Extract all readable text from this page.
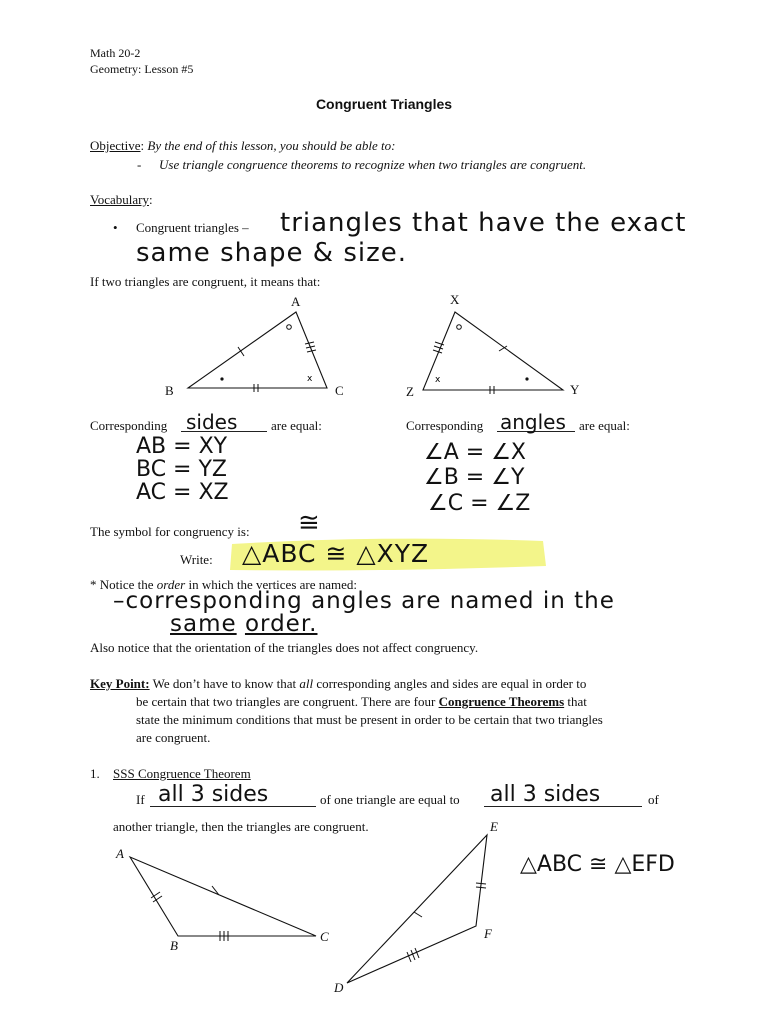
Math 20-2
Geometry: Lesson #5
Congruent Triangles
Objective: By the end of this lesson, you should be able to:
- Use triangle congruence theorems to recognize when two triangles are congruent.
Vocabulary:
• Congruent triangles – triangles that have the exact
same shape & size.
If two triangles are congruent, it means that:
x	x
A
B	C
X
Y
Z
Corresponding sides	are equal:
AB = XY
BC = YZ
AC = XZ
Corresponding angles are equal:
∠A = ∠X
∠B = ∠Y
∠C = ∠Z
The symbol for congruency is: ≅
Write: △ABC ≅ △XYZ
* Notice the order in which the vertices are named:
–corresponding angles are named in the
same order.
Also notice that the orientation of the triangles does not affect congruency.
Key Point: We don’t have to know that all corresponding angles and sides are equal in order to
be certain that two triangles are congruent. There are four Congruence Theorems that
state the minimum conditions that must be present in order to be certain that two triangles
are congruent.
1. SSS Congruence Theorem
If all 3 sides	of one triangle are equal to all 3 sides	of
another triangle, then the triangles are congruent.
A
B
C
E
F
D
△ABC ≅ △EFD
